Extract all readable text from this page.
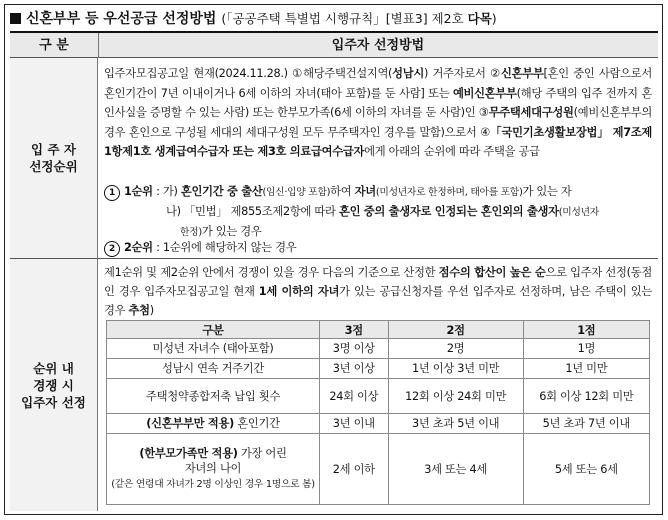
신혼부부 등 우선공급 선정방법 (「공공주택 특별법 시행규칙」[별표3] 제2호 다목)
구 분	입주자 선정방법
입 주 자
선정순위
입주자모집공고일 현재(2024.11.28.) ①해당주택건설지역(성남시) 거주자로서 ②신혼부부[혼인 중인 사람으로서 혼인기간이 7년 이내이거나 6세 이하의 자녀(태아 포함)를 둔 사람] 또는 예비신혼부부(해당 주택의 입주 전까지 혼인사실을 증명할 수 있는 사람) 또는 한부모가족(6세 이하의 자녀를 둔 사람)인 ③무주택세대구성원(예비신혼부부의 경우 혼인으로 구성될 세대의 세대구성원 모두 무주택자인 경우를 말함)으로서 ④「국민기초생활보장법」 제7조제1항제1호 생계급여수급자 또는 제3호 의료급여수급자에게 아래의 순위에 따라 주택을 공급
1 1순위 : 가) 혼인기간 중 출산(임신·입양 포함)하여 자녀(미성년자로 한정하며, 태아를 포함)가 있는 자
나) 「민법」 제855조제2항에 따라 혼인 중의 출생자로 인정되는 혼인외의 출생자(미성년자
한정)가 있는 경우
2 2순위 : 1순위에 해당하지 않는 경우
순위 내
경쟁 시
입주자 선정
제1순위 및 제2순위 안에서 경쟁이 있을 경우 다음의 기준으로 산정한 점수의 합산이 높은 순으로 입주자 선정(동점인 경우 입주자모집공고일 현재 1세 이하의 자녀가 있는 공급신청자를 우선 입주자로 선정하며, 남은 주택이 있는 경우 추첨)
구분	3점	2점	1점
미성년 자녀수 (태아포함)	3명 이상	2명	1명
성남시 연속 거주기간	3년 이상	1년 이상 3년 미만	1년 미만
주택청약종합저축 납입 횟수	24회 이상	12회 이상 24회 미만	6회 이상 12회 미만
(신혼부부만 적용) 혼인기간	3년 이내	3년 초과 5년 이내	5년 초과 7년 이내
(한부모가족만 적용) 가장 어린
자녀의 나이
(같은 연령대 자녀가 2명 이상인 경우 1명으로 봄)	2세 이하	3세 또는 4세	5세 또는 6세
